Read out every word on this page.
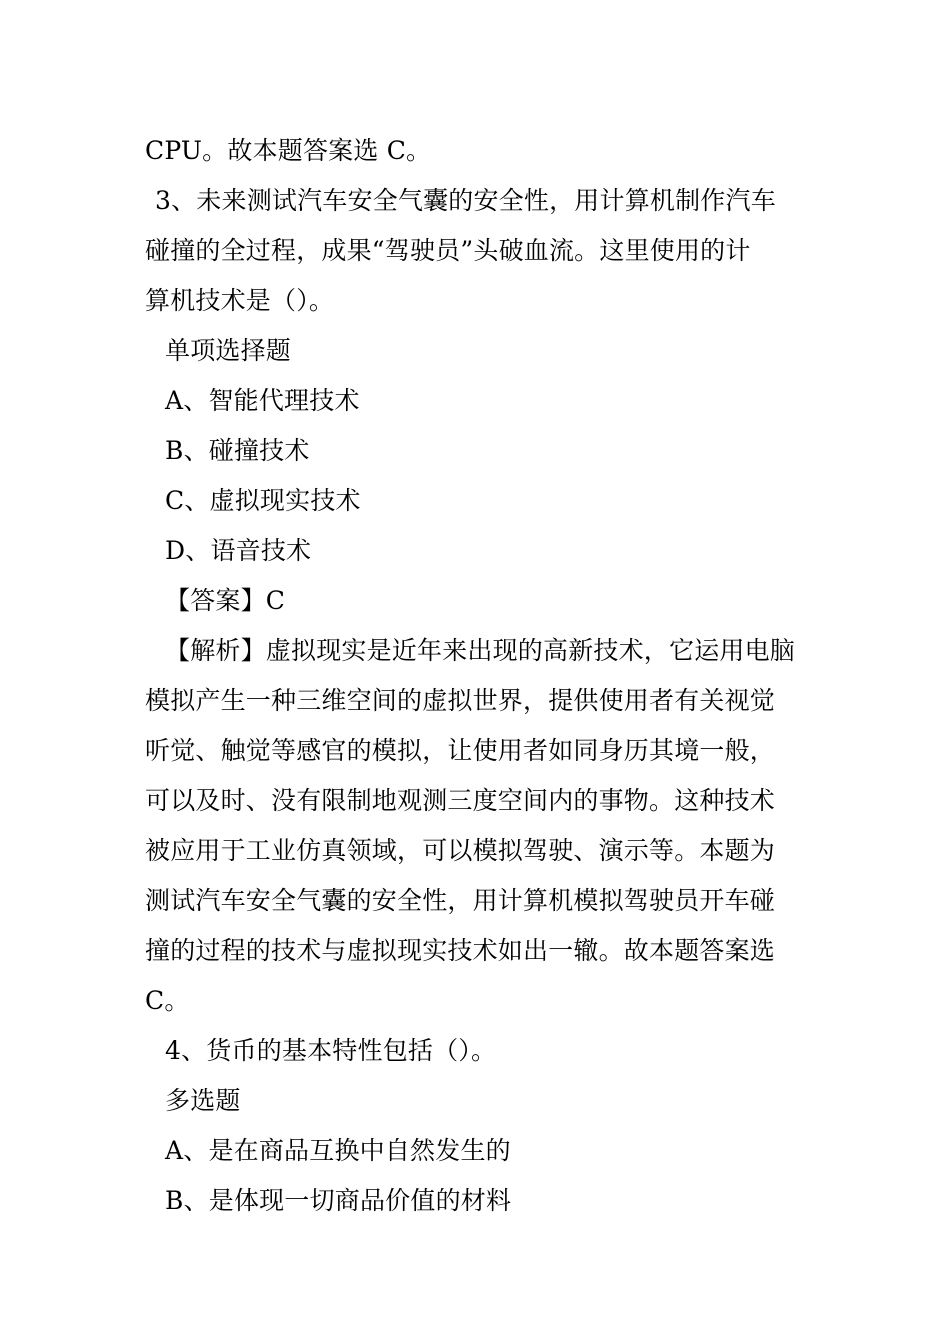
CPU。故本题答案选 C。
3、未来测试汽车安全气囊的安全性，用计算机制作汽车
碰撞的全过程，成果“驾驶员”头破血流。这里使用的计
算机技术是（）。
单项选择题
A、智能代理技术
B、碰撞技术
C、虚拟现实技术
D、语音技术
【答案】C
【解析】虚拟现实是近年来出现的高新技术，它运用电脑
模拟产生一种三维空间的虚拟世界，提供使用者有关视觉
听觉、触觉等感官的模拟，让使用者如同身历其境一般，
可以及时、没有限制地观测三度空间内的事物。这种技术
被应用于工业仿真领域，可以模拟驾驶、演示等。本题为
测试汽车安全气囊的安全性，用计算机模拟驾驶员开车碰
撞的过程的技术与虚拟现实技术如出一辙。故本题答案选
C。
4、货币的基本特性包括（）。
多选题
A、是在商品互换中自然发生的
B、是体现一切商品价值的材料
